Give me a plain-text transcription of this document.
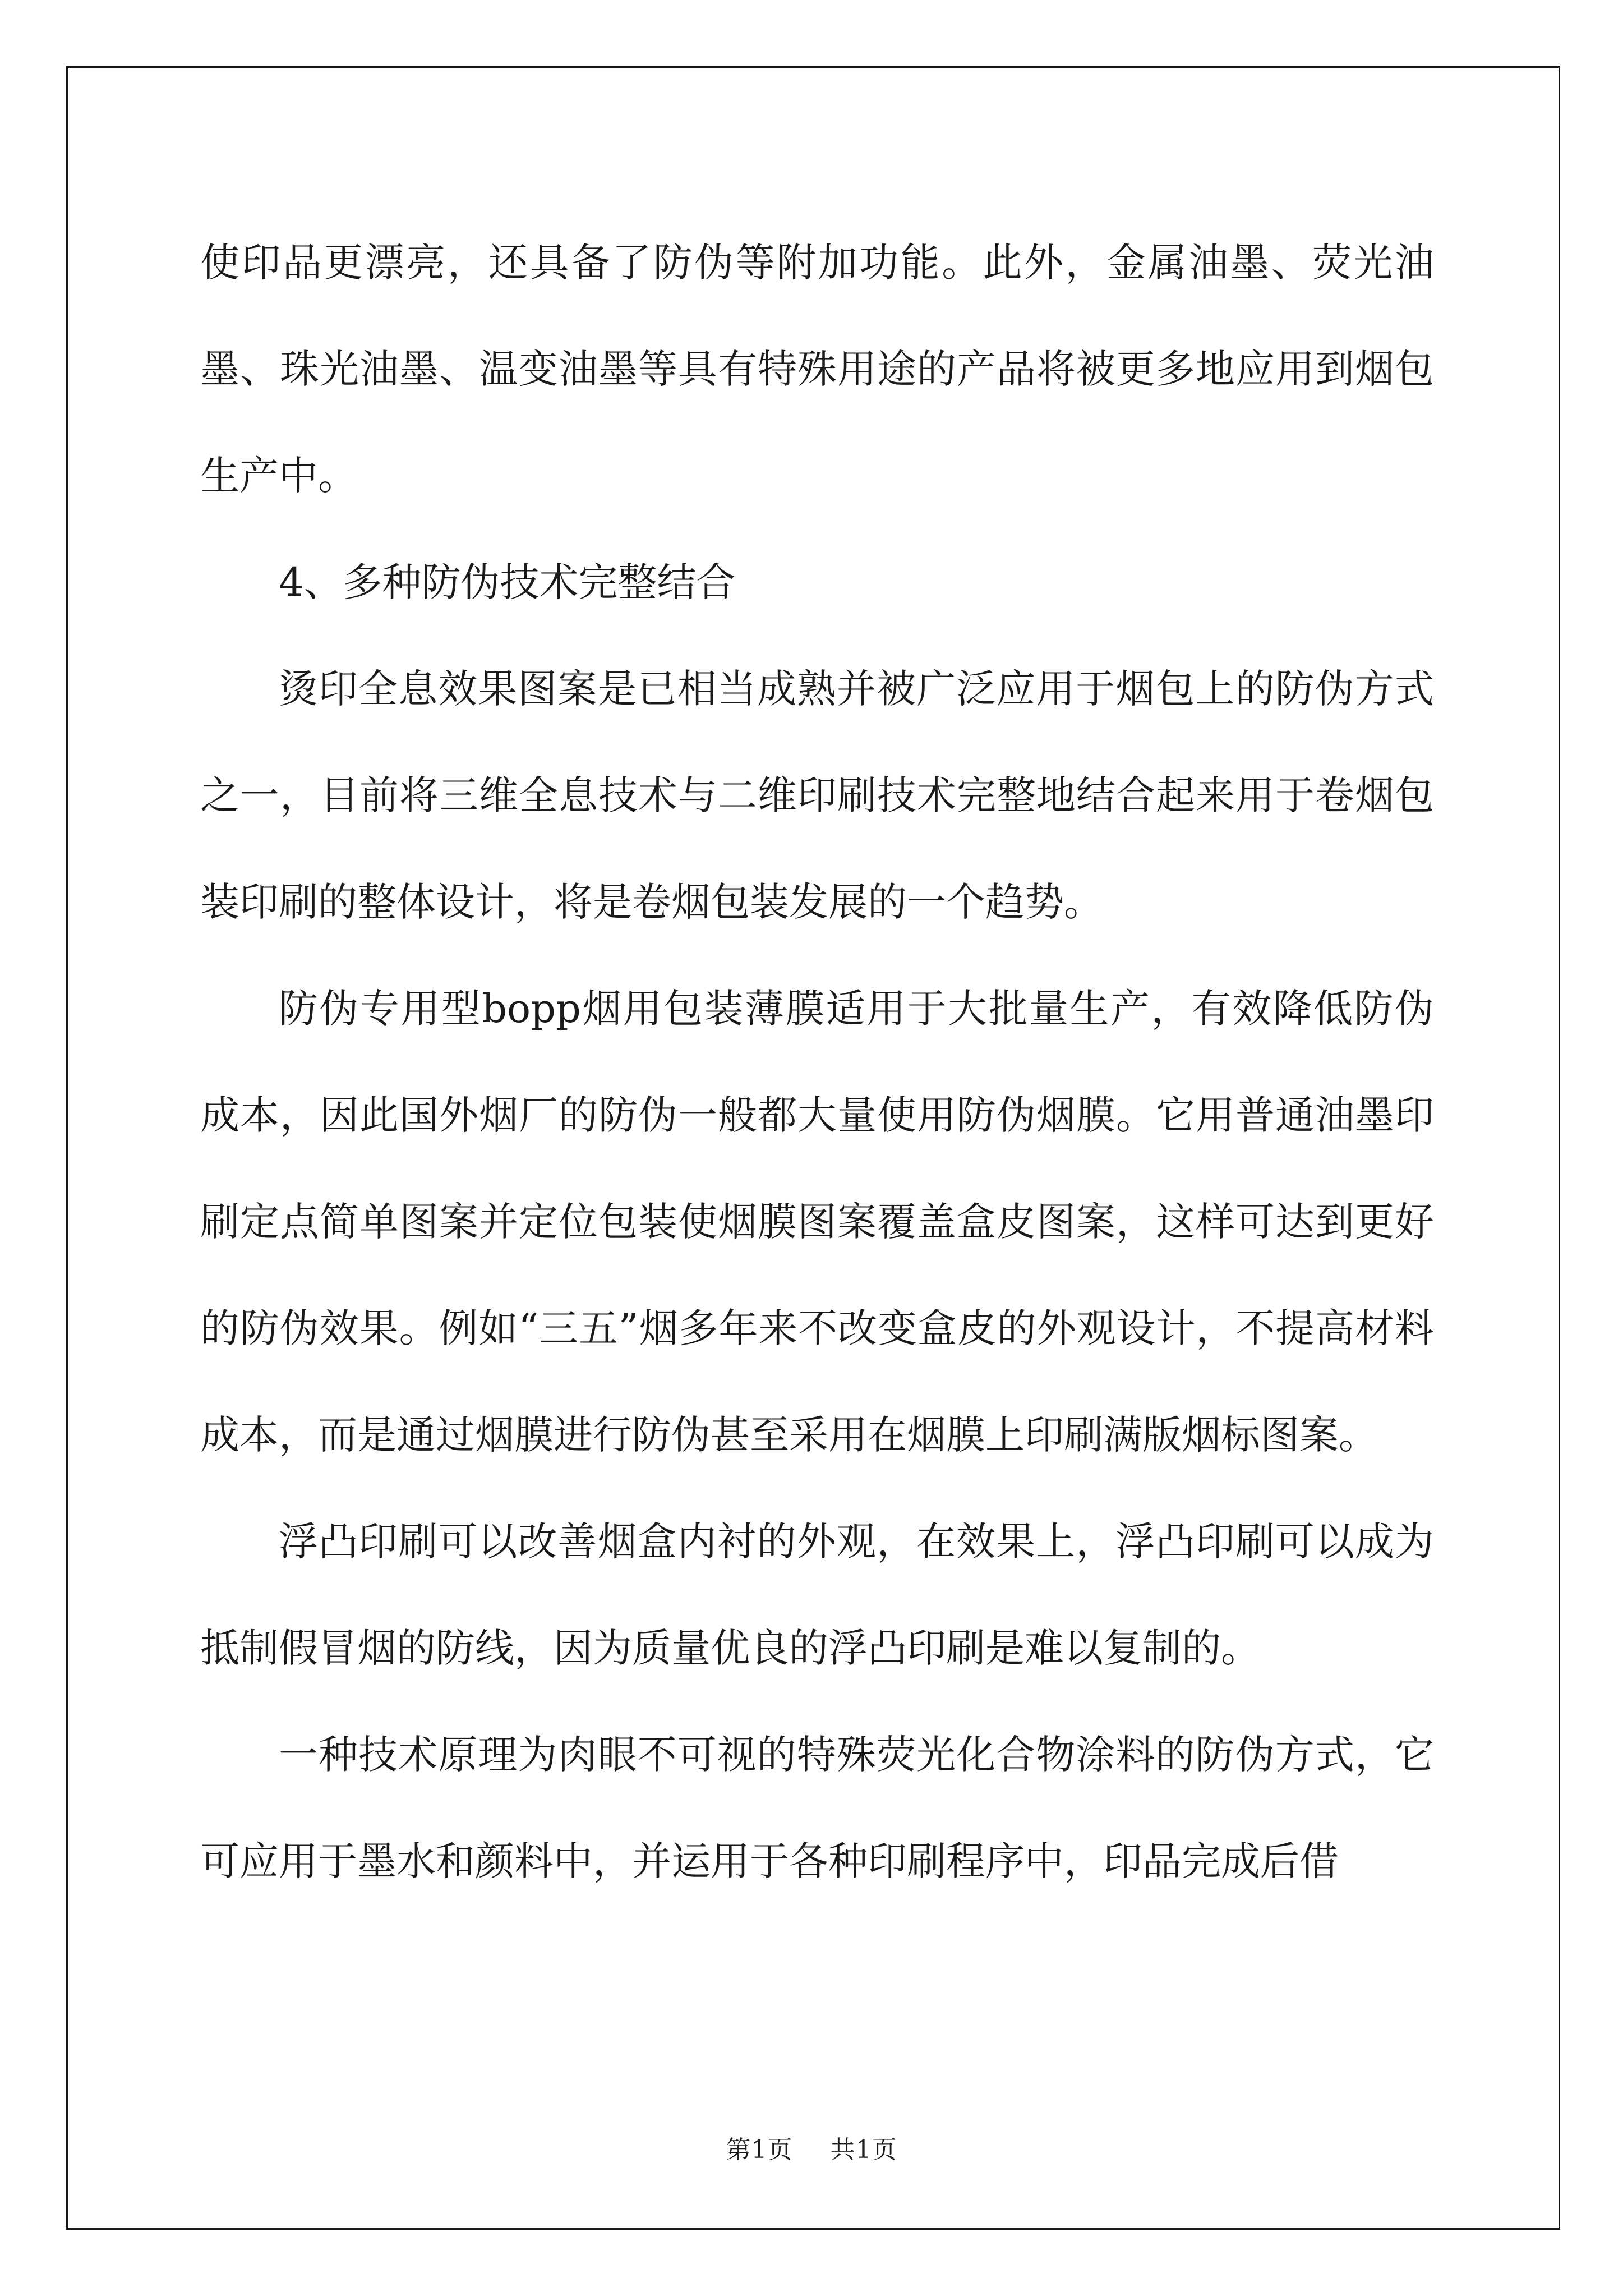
使印品更漂亮，还具备了防伪等附加功能。此外，金属油墨、荧光油墨、珠光油墨、温变油墨等具有特殊用途的产品将被更多地应用到烟包生产中。

4、多种防伪技术完整结合

烫印全息效果图案是已相当成熟并被广泛应用于烟包上的防伪方式之一，目前将三维全息技术与二维印刷技术完整地结合起来用于卷烟包装印刷的整体设计，将是卷烟包装发展的一个趋势。

防伪专用型bopp烟用包装薄膜适用于大批量生产，有效降低防伪成本，因此国外烟厂的防伪一般都大量使用防伪烟膜。它用普通油墨印刷定点简单图案并定位包装使烟膜图案覆盖盒皮图案，这样可达到更好的防伪效果。例如“三五”烟多年来不改变盒皮的外观设计，不提高材料成本，而是通过烟膜进行防伪甚至采用在烟膜上印刷满版烟标图案。

浮凸印刷可以改善烟盒内衬的外观，在效果上，浮凸印刷可以成为抵制假冒烟的防线，因为质量优良的浮凸印刷是难以复制的。

一种技术原理为肉眼不可视的特殊荧光化合物涂料的防伪方式，它可应用于墨水和颜料中，并运用于各种印刷程序中，印品完成后借

第1页 共1页
